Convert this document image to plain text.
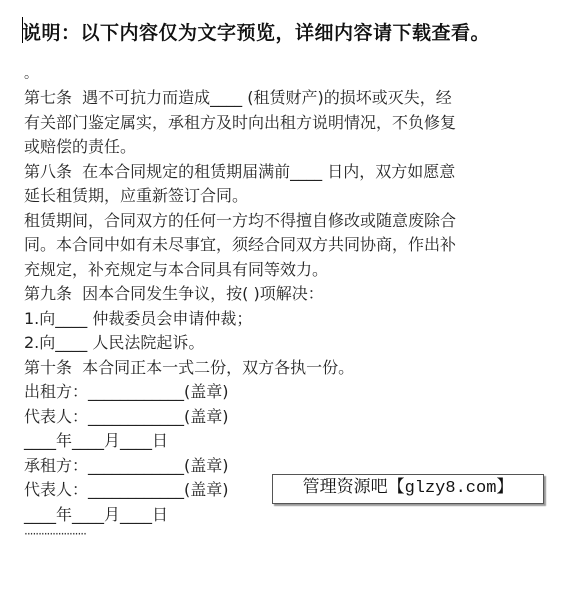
说明：以下内容仅为文字预览，详细内容请下载查看。
。
第七条  遇不可抗力而造成____ (租赁财产)的损坏或灭失，经
有关部门鉴定属实，承租方及时向出租方说明情况，不负修复
或赔偿的责任。
第八条  在本合同规定的租赁期届满前____ 日内，双方如愿意
延长租赁期，应重新签订合同。
租赁期间，合同双方的任何一方均不得擅自修改或随意废除合
同。本合同中如有未尽事宜，须经合同双方共同协商，作出补
充规定，补充规定与本合同具有同等效力。
第九条  因本合同发生争议，按( )项解决：
1.向____ 仲裁委员会申请仲裁；
2.向____ 人民法院起诉。
第十条  本合同正本一式二份，双方各执一份。
出租方：____________(盖章)
代表人：____________(盖章)
____年____月____日
承租方：____________(盖章)
代表人：____________(盖章)
____年____月____日
······················
管理资源吧【glzy8.com】
